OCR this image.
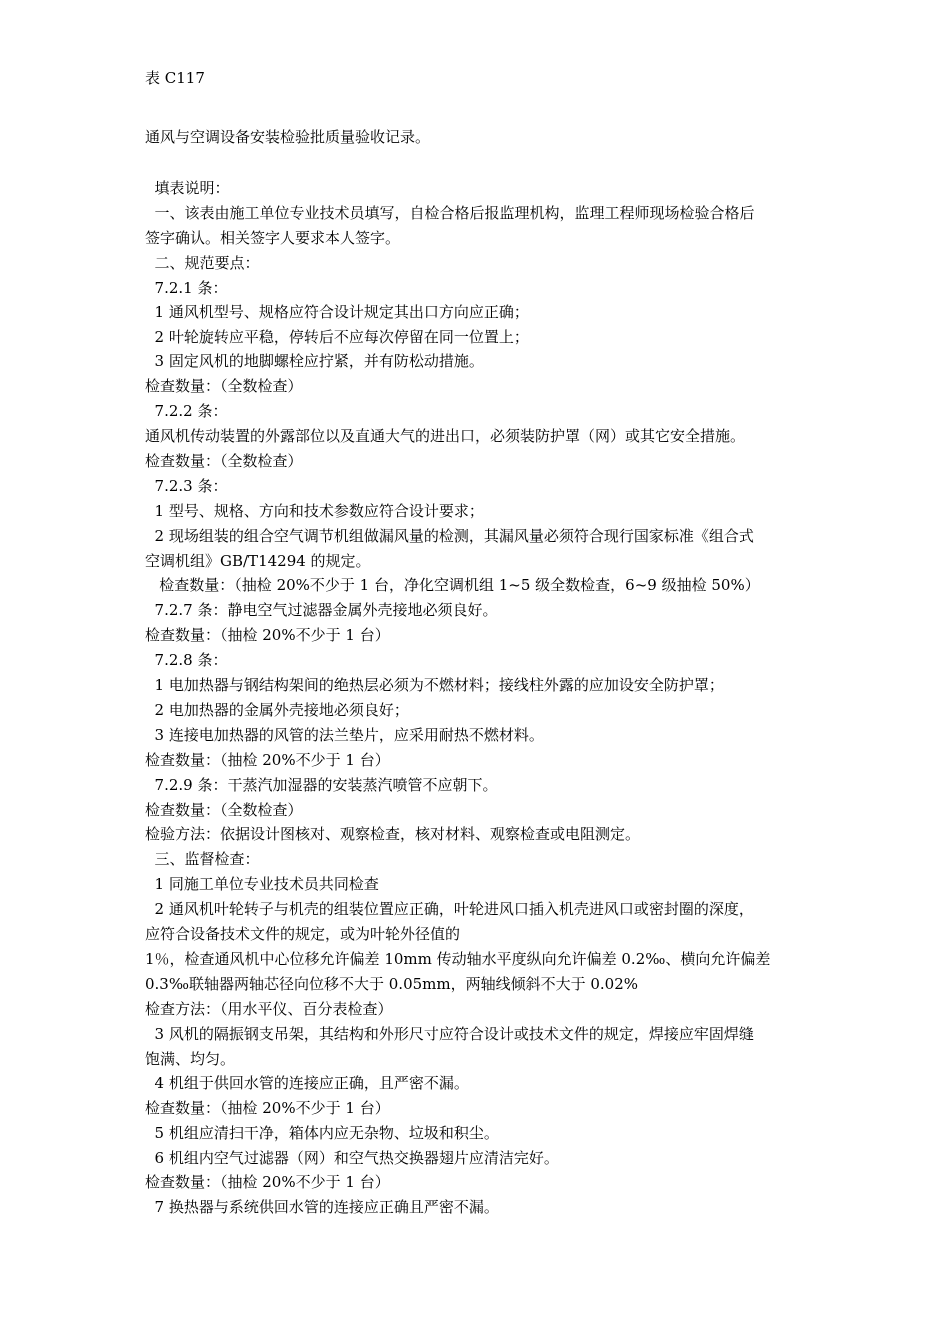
表 C117
通风与空调设备安装检验批质量验收记录。
填表说明：
一、该表由施工单位专业技术员填写，自检合格后报监理机构，监理工程师现场检验合格后
签字确认。相关签字人要求本人签字。
二、规范要点：
7.2.1 条：
1 通风机型号、规格应符合设计规定其出口方向应正确；
2 叶轮旋转应平稳，停转后不应每次停留在同一位置上；
3 固定风机的地脚螺栓应拧紧，并有防松动措施。
检查数量：（全数检查）
7.2.2 条：
通风机传动装置的外露部位以及直通大气的进出口，必须装防护罩（网）或其它安全措施。
检查数量：（全数检查）
7.2.3 条：
1 型号、规格、方向和技术参数应符合设计要求；
2 现场组装的组合空气调节机组做漏风量的检测，其漏风量必须符合现行国家标准《组合式
空调机组》GB/T14294 的规定。
检查数量：（抽检 20%不少于 1 台，净化空调机组 1~5 级全数检查，6~9 级抽检 50%）
7.2.7 条：静电空气过滤器金属外壳接地必须良好。
检查数量：（抽检 20%不少于 1 台）
7.2.8 条：
1 电加热器与钢结构架间的绝热层必须为不燃材料；接线柱外露的应加设安全防护罩；
2 电加热器的金属外壳接地必须良好；
3 连接电加热器的风管的法兰垫片，应采用耐热不燃材料。
检查数量：（抽检 20%不少于 1 台）
7.2.9 条：干蒸汽加湿器的安装蒸汽喷管不应朝下。
检查数量：（全数检查）
检验方法：依据设计图核对、观察检查，核对材料、观察检查或电阻测定。
三、监督检查：
1 同施工单位专业技术员共同检查
2 通风机叶轮转子与机壳的组装位置应正确，叶轮进风口插入机壳进风口或密封圈的深度，
应符合设备技术文件的规定，或为叶轮外径值的
1％，检查通风机中心位移允许偏差 10mm 传动轴水平度纵向允许偏差 0.2‰、横向允许偏差
0.3‰联轴器两轴芯径向位移不大于 0.05mm，两轴线倾斜不大于 0.02%
检查方法：（用水平仪、百分表检查）
3 风机的隔振钢支吊架，其结构和外形尺寸应符合设计或技术文件的规定，焊接应牢固焊缝
饱满、均匀。
4 机组于供回水管的连接应正确，且严密不漏。
检查数量：（抽检 20%不少于 1 台）
5 机组应清扫干净，箱体内应无杂物、垃圾和积尘。
6 机组内空气过滤器（网）和空气热交换器翅片应清洁完好。
检查数量：（抽检 20%不少于 1 台）
7 换热器与系统供回水管的连接应正确且严密不漏。
